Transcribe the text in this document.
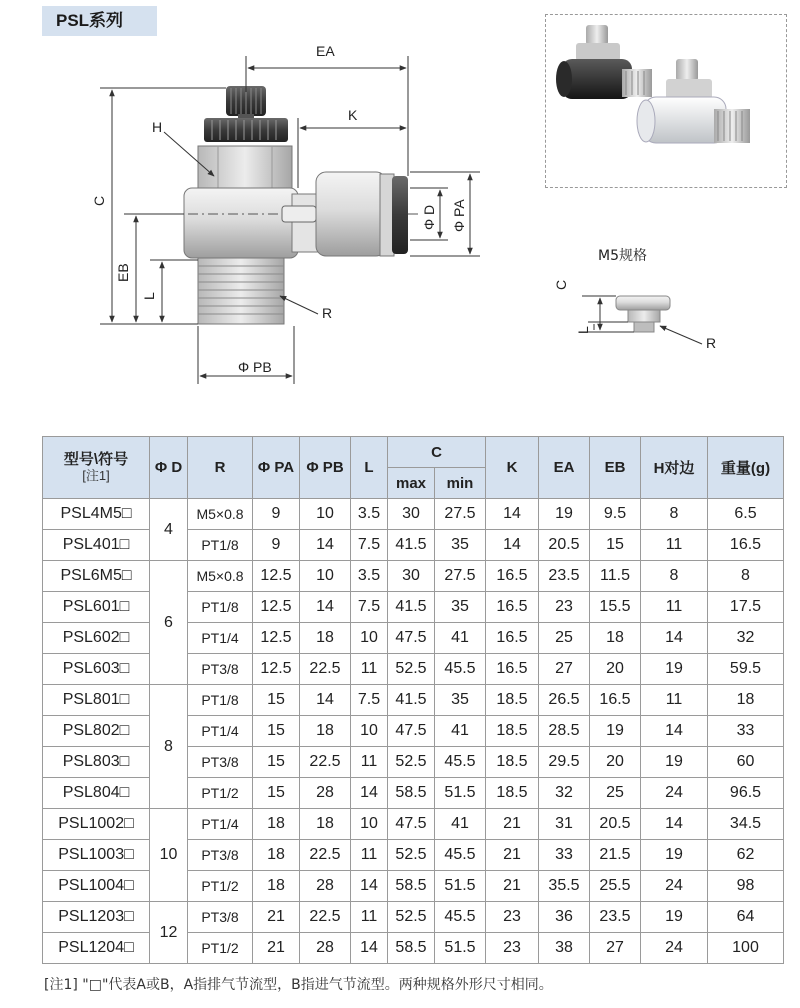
PSL系列
EA
K
H
R
Φ PB
C
EB
L
Φ D Φ PA
M5规格
C
L
R
型号\符号
[注1]	Φ D	R	Φ PA	Φ PB	L	C		K	EA	EB	H对边	重量(g)
						max	min					
PSL4M5□	4	M5×0.8	9	10	3.5	30	27.5	14	19	9.5	8	6.5
PSL401□		PT1/8	9	14	7.5	41.5	35	14	20.5	15	11	16.5
PSL6M5□	6	M5×0.8	12.5	10	3.5	30	27.5	16.5	23.5	11.5	8	8
PSL601□		PT1/8	12.5	14	7.5	41.5	35	16.5	23	15.5	11	17.5
PSL602□		PT1/4	12.5	18	10	47.5	41	16.5	25	18	14	32
PSL603□		PT3/8	12.5	22.5	11	52.5	45.5	16.5	27	20	19	59.5
PSL801□	8	PT1/8	15	14	7.5	41.5	35	18.5	26.5	16.5	11	18
PSL802□		PT1/4	15	18	10	47.5	41	18.5	28.5	19	14	33
PSL803□		PT3/8	15	22.5	11	52.5	45.5	18.5	29.5	20	19	60
PSL804□		PT1/2	15	28	14	58.5	51.5	18.5	32	25	24	96.5
PSL1002□	10	PT1/4	18	18	10	47.5	41	21	31	20.5	14	34.5
PSL1003□		PT3/8	18	22.5	11	52.5	45.5	21	33	21.5	19	62
PSL1004□		PT1/2	18	28	14	58.5	51.5	21	35.5	25.5	24	98
PSL1203□	12	PT3/8	21	22.5	11	52.5	45.5	23	36	23.5	19	64
PSL1204□		PT1/2	21	28	14	58.5	51.5	23	38	27	24	100
[注1] "□"代表A或B，A指排气节流型，B指进气节流型。两种规格外形尺寸相同。
